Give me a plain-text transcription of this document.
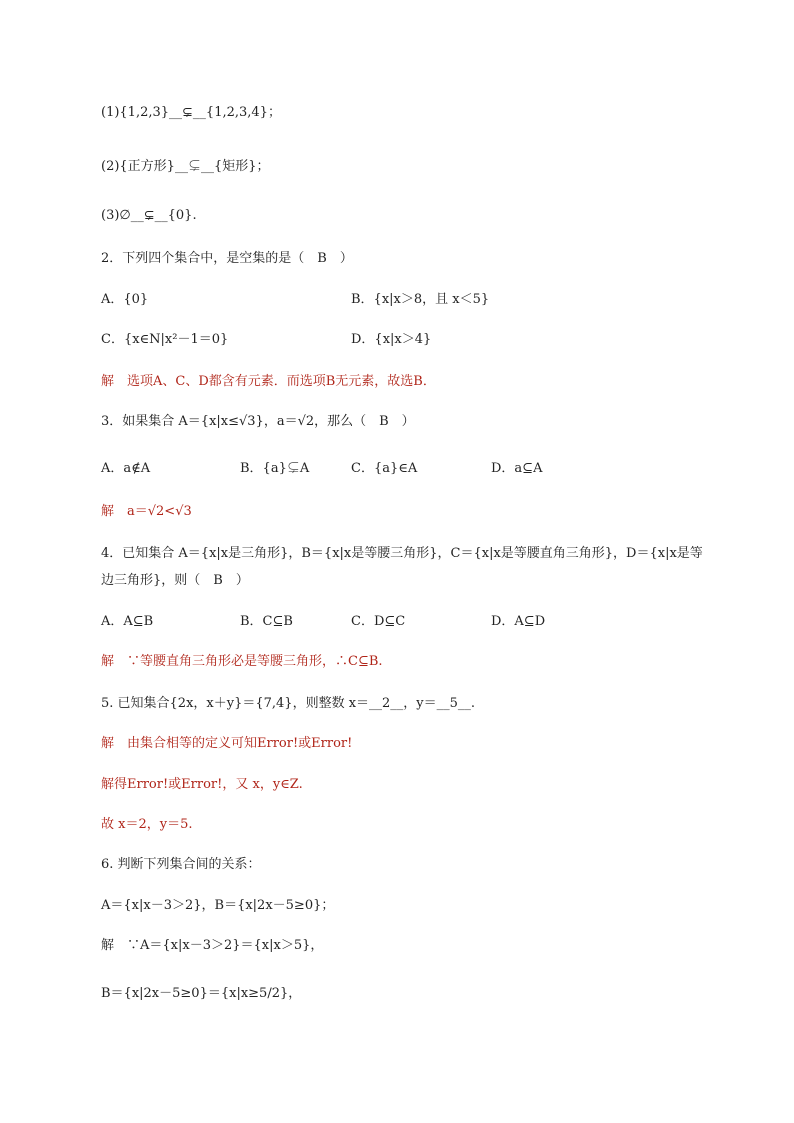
(1){1,2,3}__⊊__{1,2,3,4}；
(2){正方形}__⊊__{矩形}；
(3)∅__⊊__{0}.
2．下列四个集合中，是空集的是（　B　）
A．{0}	B．{x|x＞8，且 x＜5}
C．{x∈N|x²－1＝0}	D．{x|x＞4}
解　选项A、C、D都含有元素．而选项B无元素，故选B．
3．如果集合 A＝{x|x≤√3}，a＝√2，那么（　B　）
A．a∉A	B．{a}⊊A	C．{a}∈A	D．a⊆A
解　a＝√2<√3
4．已知集合 A＝{x|x是三角形}，B＝{x|x是等腰三角形}，C＝{x|x是等腰直角三角形}，D＝{x|x是等
边三角形}，则（　B　）
A．A⊆B	B．C⊆B	C．D⊆C	D．A⊆D
解　∵等腰直角三角形必是等腰三角形，∴C⊆B.
5. 已知集合{2x，x＋y}＝{7,4}，则整数 x＝__2__，y＝__5__.
解　由集合相等的定义可知Error!或Error!
解得Error!或Error!，又 x，y∈Z.
故 x＝2，y＝5.
6. 判断下列集合间的关系：
A＝{x|x－3＞2}，B＝{x|2x－5≥0}；
解　∵A＝{x|x－3＞2}＝{x|x＞5}，
B＝{x|2x－5≥0}＝{x|x≥5/2}，
